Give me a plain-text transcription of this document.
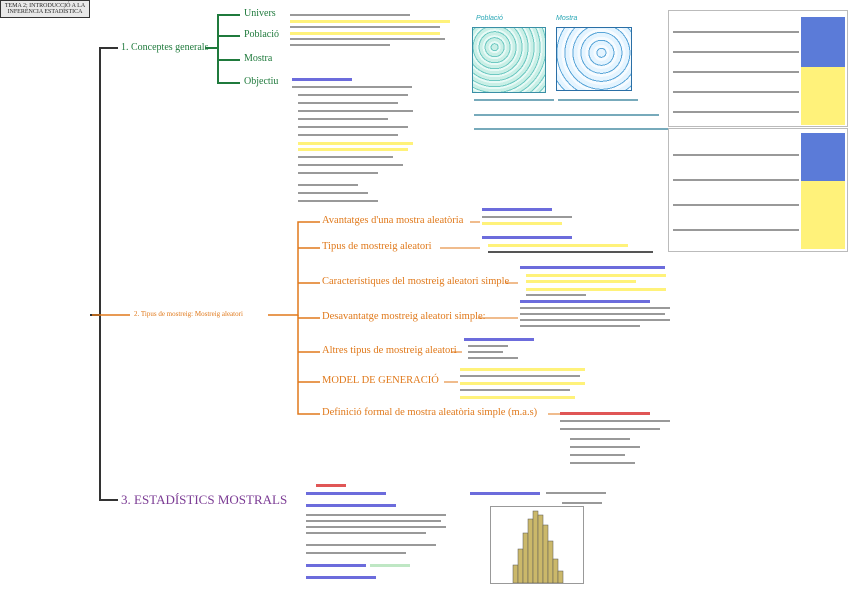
TEMA 2: INTRODUCCIÓ A LA INFERÈNCIA ESTADÍSTICA
1. Conceptes generals
Univers
Població
Mostra
Objectiu
2. Tipus de mostreig: Mostreig aleatori
Avantatges d'una mostra aleatòria
Tipus de mostreig aleatori
Característiques del mostreig aleatori simple
Desavantatge mostreig aleatori simple:
Altres tipus de mostreig aleatori
MODEL DE GENERACIÓ
Definició formal de mostra aleatòria simple (m.a.s)
3. ESTADÍSTICS MOSTRALS
Població	Mostra
